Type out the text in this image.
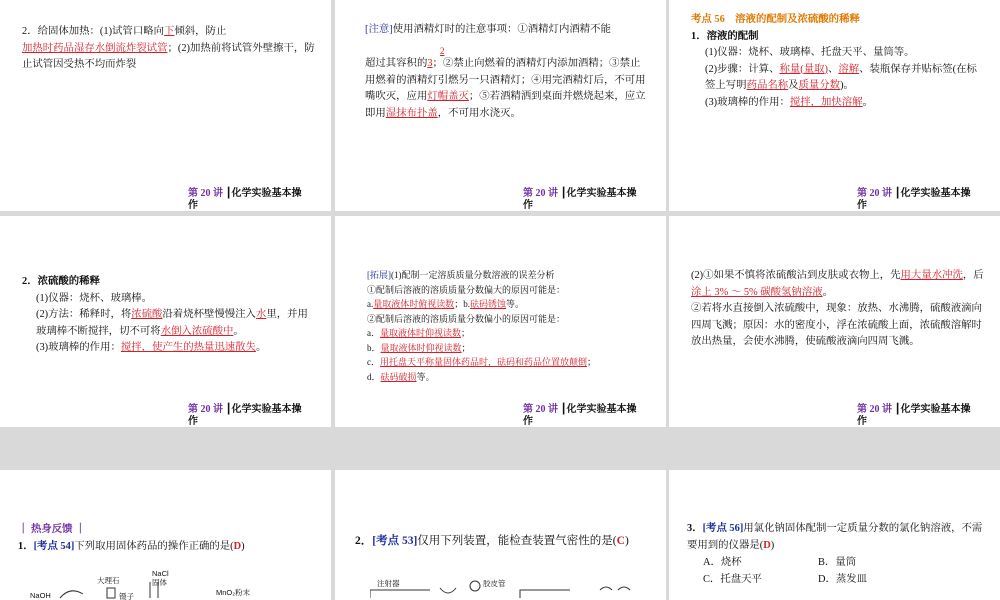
2．给固体加热：(1)试管口略向下倾斜，防止
加热时药品湿存水倒流炸裂试管；(2)加热前将试管外壁擦干，防止试管因受热不均而炸裂
第 20 讲 ┃化学实验基本操作
[注意]使用酒精灯时的注意事项：①酒精灯内酒精不能
2
超过其容积的3；②禁止向燃着的酒精灯内添加酒精；③禁止用燃着的酒精灯引燃另一只酒精灯；④用完酒精灯后，不可用嘴吹灭，应用灯帽盖灭；⑤若酒精洒到桌面并燃烧起来，应立即用湿抹布扑盖，不可用水浇灭。
第 20 讲 ┃化学实验基本操作
考点 56　溶液的配制及浓硫酸的稀释
1．溶液的配制

(1)仪器：烧杯、玻璃棒、托盘天平、量筒等。
(2)步骤：计算、称量(量取)、溶解、装瓶保存并贴标签(在标签上写明药品名称及质量分数)。
(3)玻璃棒的作用：搅拌，加快溶解。
第 20 讲 ┃化学实验基本操作
2．浓硫酸的稀释

(1)仪器：烧杯、玻璃棒。
(2)方法：稀释时，将浓硫酸沿着烧杯壁慢慢注入水里，并用玻璃棒不断搅拌，切不可将水倒入浓硫酸中。
(3)玻璃棒的作用：搅拌，使产生的热量迅速散失。
第 20 讲 ┃化学实验基本操作
[拓展](1)配制一定溶质质量分数溶液的误差分析
①配制后溶液的溶质质量分数偏大的原因可能是：
a.量取液体时俯视读数；b.砝码锈蚀等。
②配制后溶液的溶质质量分数偏小的原因可能是：
a．量取液体时仰视读数；
b．量取液体时仰视读数；
c．用托盘天平称量固体药品时，砝码和药品位置放颠倒；
d．砝码破损等。
第 20 讲 ┃化学实验基本操作
(2)①如果不慎将浓硫酸沾到皮肤或衣物上，先用大量水冲洗，后涂上 3% ～ 5% 碳酸氢钠溶液。
②若将水直接倒入浓硫酸中，现象：放热、水沸腾，硫酸液滴向四周飞溅；原因：水的密度小，浮在浓硫酸上面，浓硫酸溶解时放出热量，会使水沸腾，使硫酸液滴向四周飞溅。
第 20 讲 ┃化学实验基本操作
｜ 热身反馈 ｜
1．[考点 54]下列取用固体药品的操作正确的是(D)
大理石
NaCl
固体
NaOH	镊子	MnO₂粉末
2．[考点 53]仅用下列装置，能检查装置气密性的是(C)
注射器	胶皮管
3．[考点 56]用氯化钠固体配制一定质量分数的氯化钠溶液，不需要用到的仪器是(D)
A．烧杯	B．量筒
C．托盘天平	D．蒸发皿
